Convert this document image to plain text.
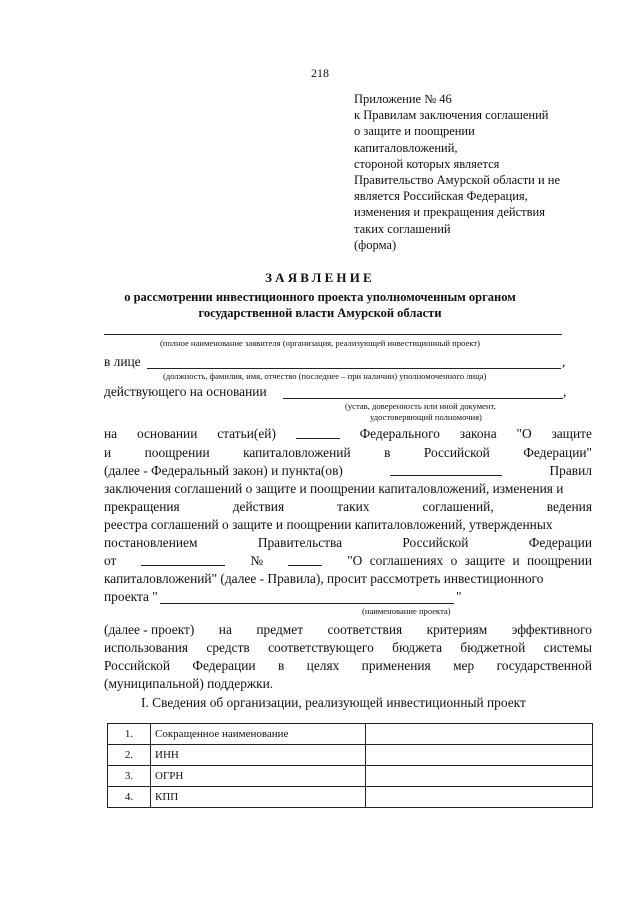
218
Приложение № 46
к Правилам заключения соглашений
о защите и поощрении
капиталовложений,
стороной которых является
Правительство Амурской области и не
является Российская Федерация,
изменения и прекращения действия
таких соглашений
(форма)
ЗАЯВЛЕНИЕ
о рассмотрении инвестиционного проекта уполномоченным органом
государственной власти Амурской области
(полное наименование заявителя (организация, реализующей инвестиционный проект)
в лице	,
(должность, фамилия, имя, отчество (последнее – при наличии) уполномоченного лица)
действующего на основании	,
(устав, доверенность или иной документ,
удостоверяющий полномочия)
на основании статьи(ей)	Федерального закона "О защите
и поощрении капиталовложений в Российской Федерации"
(далее - Федеральный закон) и пункта(ов)	Правил
заключения соглашений о защите и поощрении капиталовложений, изменения и
прекращения	действия	таких	соглашений,	ведения
реестра соглашений о защите и поощрении капиталовложений, утвержденных
постановлением	Правительства	Российской	Федерации
от	№	"О соглашениях о защите и поощрении
капиталовложений" (далее - Правила), просит рассмотреть инвестиционного
проекта "	"
(наименование проекта)
(далее - проект) на предмет соответствия критериям эффективного
использования средств соответствующего бюджета бюджетной системы
Российской Федерации в целях применения мер государственной
(муниципальной) поддержки.
I. Сведения об организации, реализующей инвестиционный проект
1.	Сокращенное наименование	
2.	ИНН	
3.	ОГРН	
4.	КПП	
